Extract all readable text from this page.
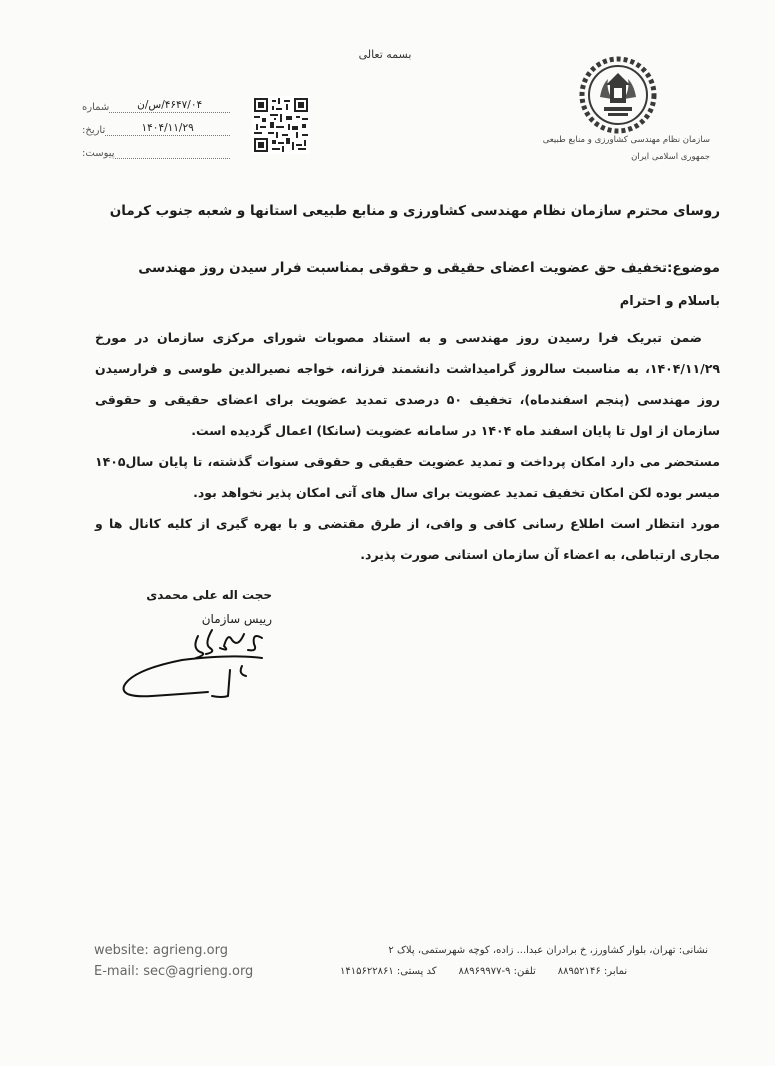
بسمه تعالی
سازمان نظام مهندسی کشاورزی و منابع طبیعی
جمهوری اسلامی ایران
شماره	۴۶۴۷/۰۴/س/ن
تاریخ:	۱۴۰۴/۱۱/۲۹
پیوست:
روسای محترم سازمان نظام مهندسی کشاورزی و منابع طبیعی استانها و شعبه جنوب کرمان
موضوع:تخفیف حق عضویت اعضای حقیقی و حقوقی بمناسبت فرار سیدن روز مهندسی
باسلام و احترام

ضمن تبریک فرا رسیدن روز مهندسی و به استناد مصوبات شورای مرکزی سازمان در مورخ ۱۴۰۴/۱۱/۲۹، به مناسبت سالروز گرامیداشت دانشمند فرزانه، خواجه نصیرالدین طوسی و فرارسیدن روز مهندسی (پنجم اسفندماه)، تخفیف ۵۰ درصدی تمدید عضویت برای اعضای حقیقی و حقوقی سازمان از اول تا پایان اسفند ماه ۱۴۰۴ در سامانه عضویت (سانکا) اعمال گردیده است.

مستحضر می دارد امکان پرداخت و تمدید عضویت حقیقی و حقوقی سنوات گذشته، تا پایان سال۱۴۰۵ میسر بوده لکن امکان تخفیف تمدید عضویت برای سال های آتی امکان پذیر نخواهد بود.

مورد انتظار است اطلاع رسانی کافی و وافی، از طرق مقتضی و با بهره گیری از کلیه کانال ها و مجاری ارتباطی، به اعضاء آن سازمان استانی صورت پذیرد.

حجت اله علی محمدی
رییس سازمان
website: agrieng.org
E-mail: sec@agrieng.org
نشانی: تهران، بلوار کشاورز، خ برادران عبدا... زاده، کوچه شهرستمی، پلاک ۲
کد پستی: ۱۴۱۵۶۲۲۸۶۱ تلفن: ۹-۸۸۹۶۹۹۷۷ نمابر: ۸۸۹۵۲۱۴۶
